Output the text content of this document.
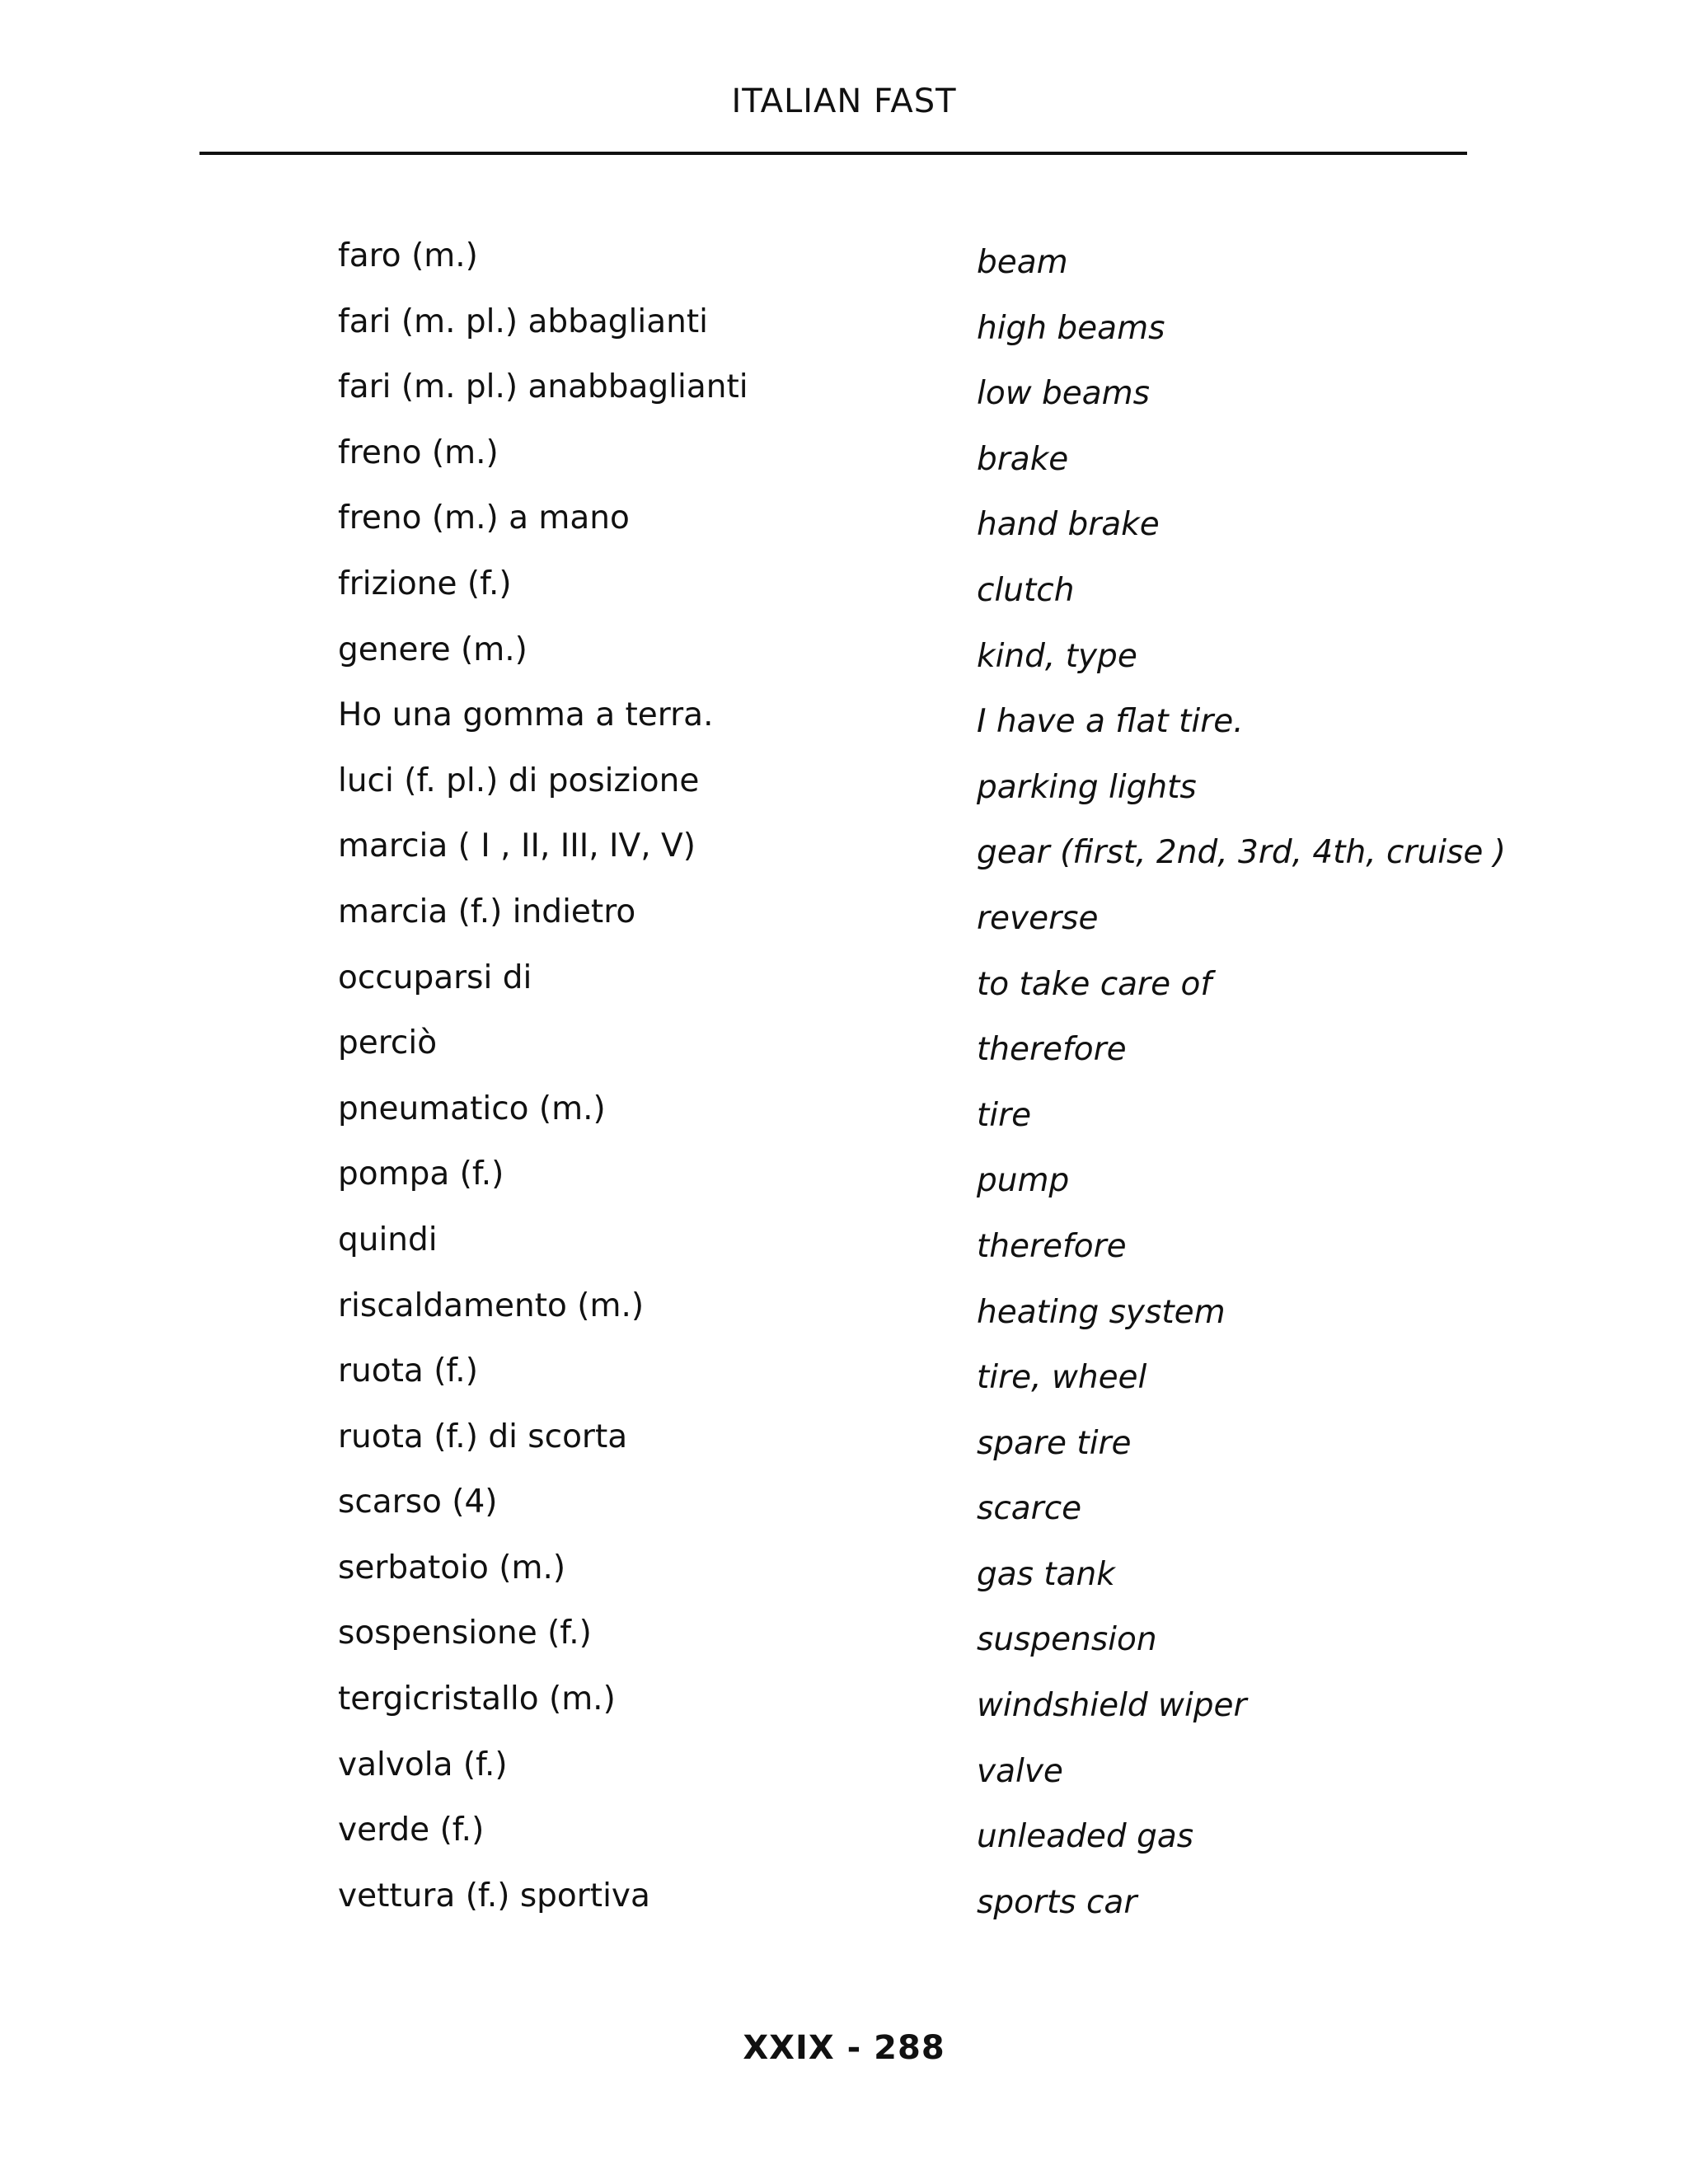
ITALIAN FAST
faro (m.)	beam
fari (m. pl.) abbaglianti	high beams
fari (m. pl.) anabbaglianti	low beams
freno (m.)	brake
freno (m.) a mano	hand brake
frizione (f.)	clutch
genere (m.)	kind, type
Ho una gomma a terra.	I have a flat tire.
luci (f. pl.) di posizione	parking lights
marcia ( I , II, III, IV, V)	gear (first, 2nd, 3rd, 4th, cruise )
marcia (f.) indietro	reverse
occuparsi di	to take care of
perciò	therefore
pneumatico (m.)	tire
pompa (f.)	pump
quindi	therefore
riscaldamento (m.)	heating system
ruota (f.)	tire, wheel
ruota (f.) di scorta	spare tire
scarso (4)	scarce
serbatoio (m.)	gas tank
sospensione (f.)	suspension
tergicristallo (m.)	windshield wiper
valvola (f.)	valve
verde (f.)	unleaded gas
vettura (f.) sportiva	sports car
XXIX - 288
